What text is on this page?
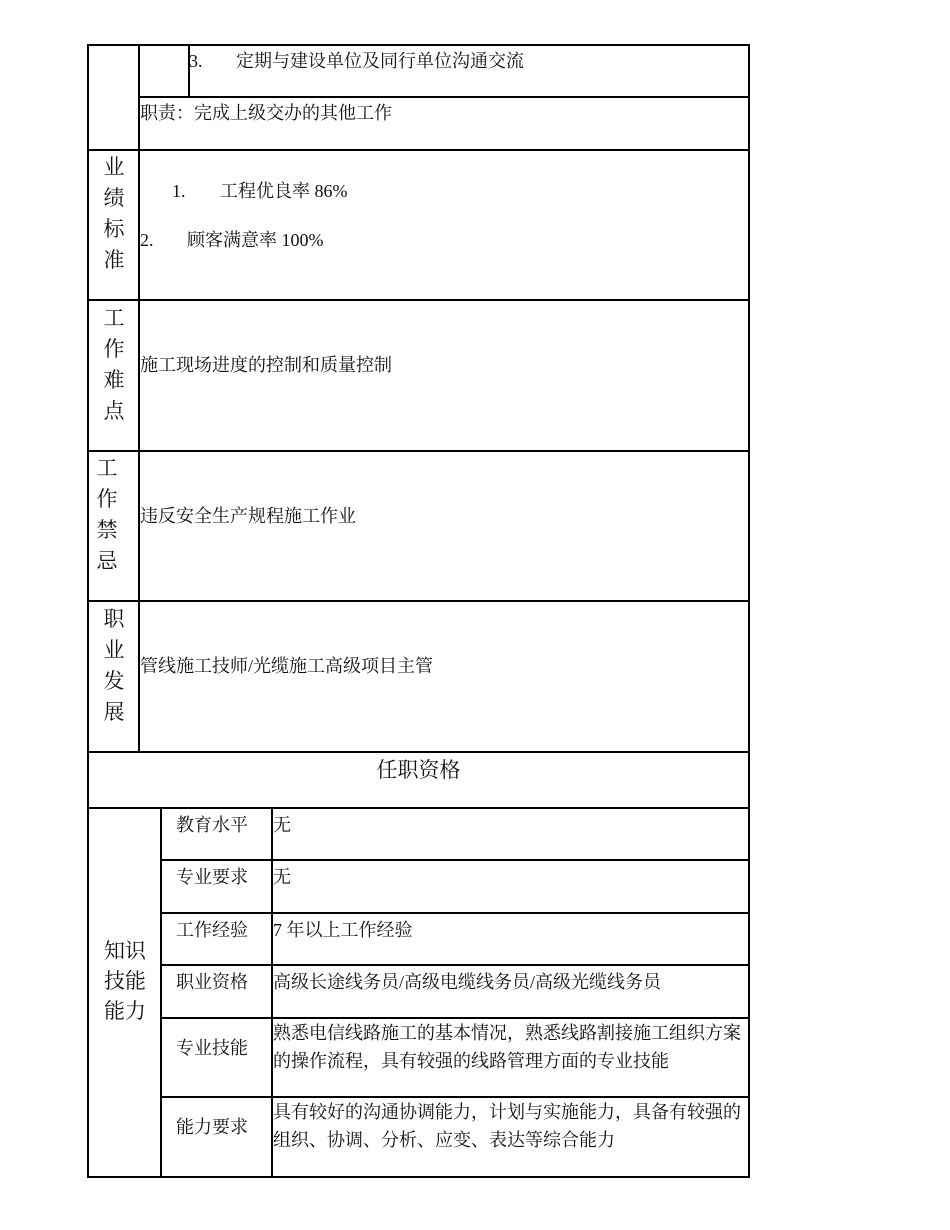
3. 定期与建设单位及同行单位沟通交流
职责：完成上级交办的其他工作
业
绩
标
准
1. 工程优良率 86%
2. 顾客满意率 100%
工
作
难
点
施工现场进度的控制和质量控制
工
作
禁
忌
违反安全生产规程施工作业
职
业
发
展
管线施工技师/光缆施工高级项目主管
任职资格
知识
技能
能力
教育水平 无
专业要求 无
工作经验 7 年以上工作经验
职业资格 高级长途线务员/高级电缆线务员/高级光缆线务员
专业技能
熟悉电信线路施工的基本情况，熟悉线路割接施工组织方案的操作流程，具有较强的线路管理方面的专业技能
能力要求
具有较好的沟通协调能力，计划与实施能力，具备有较强的组织、协调、分析、应变、表达等综合能力
